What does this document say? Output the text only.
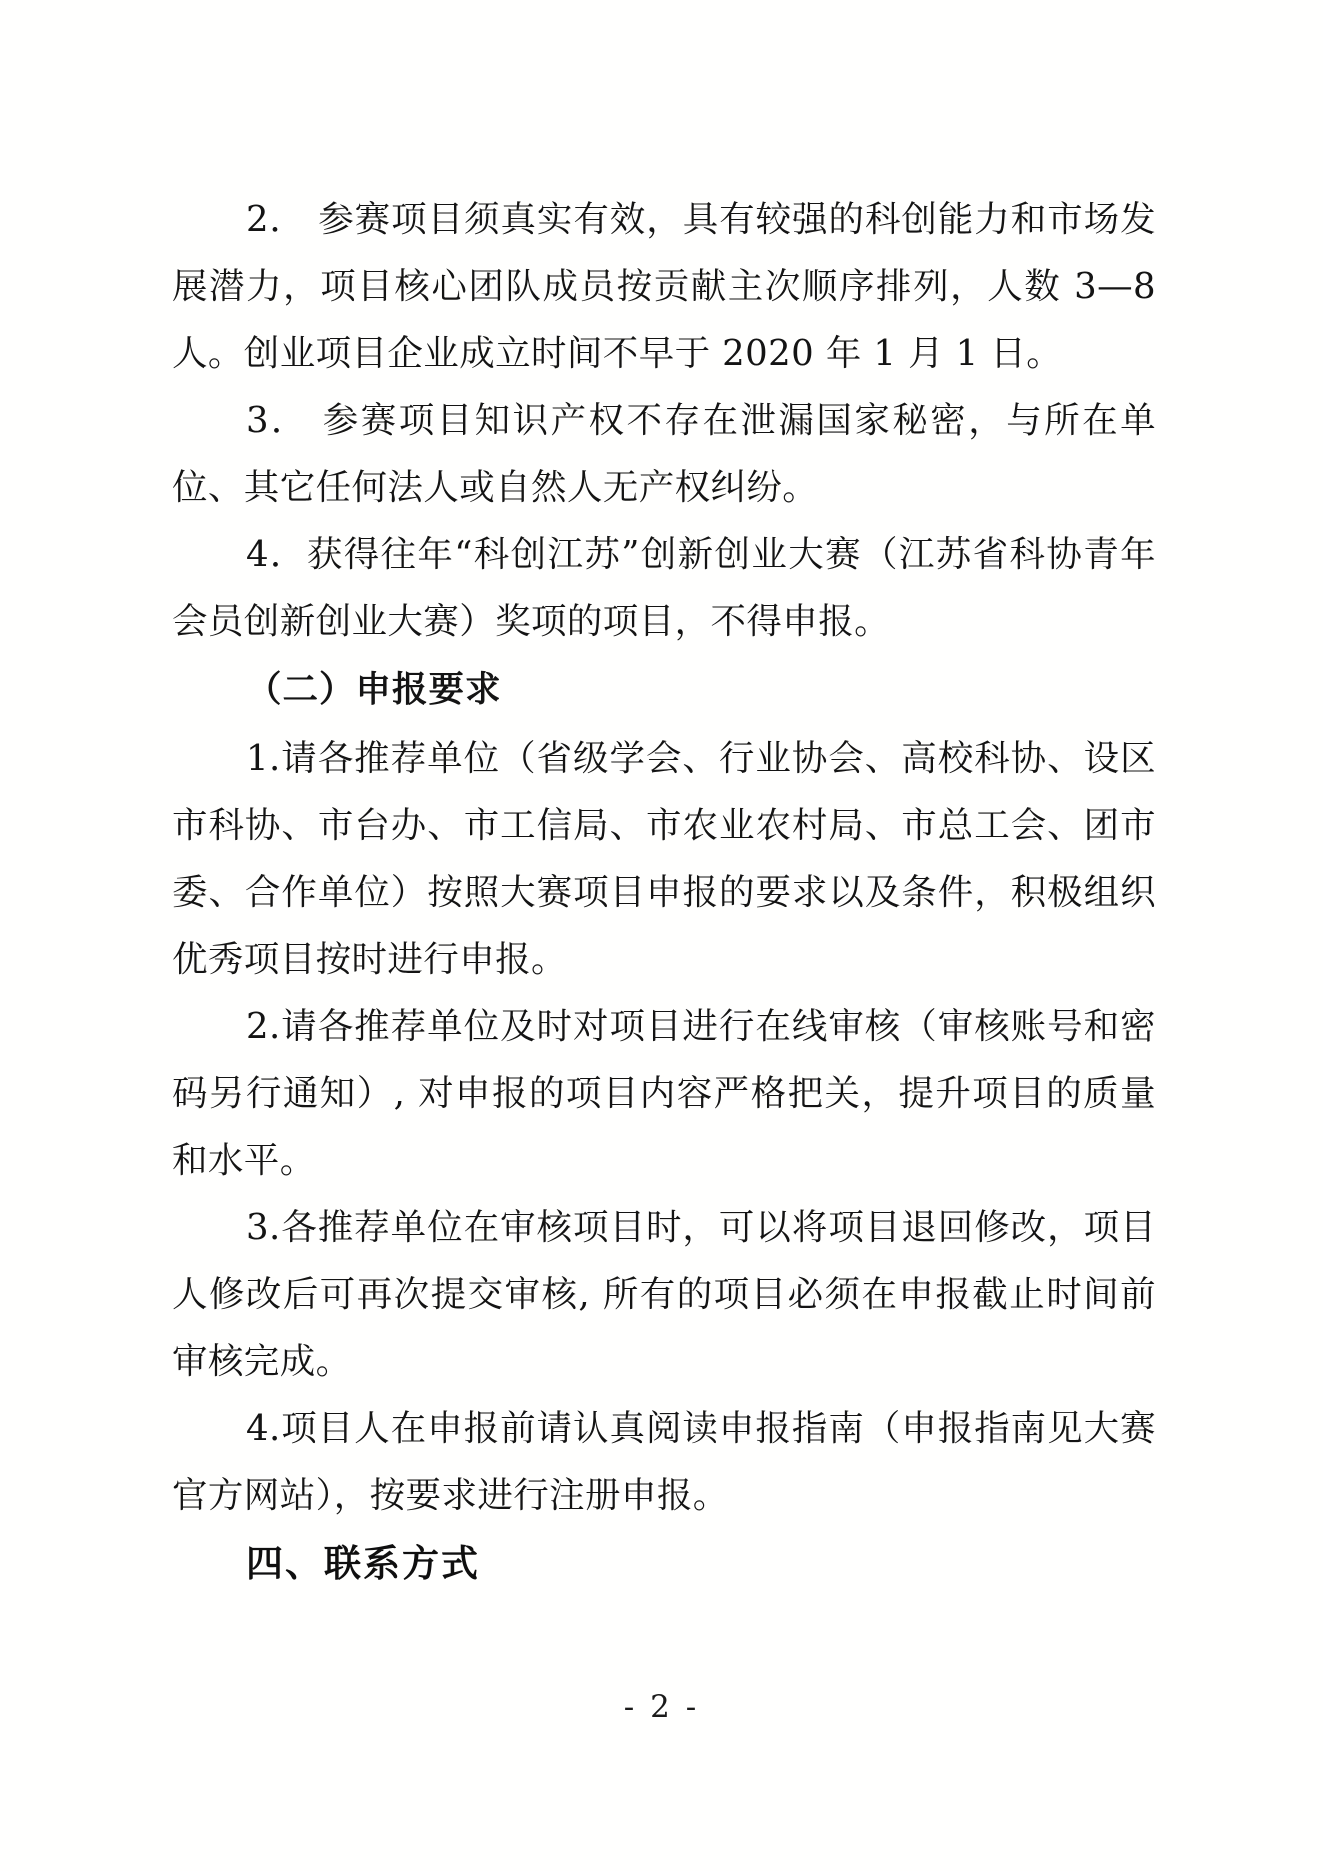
2． 参赛项目须真实有效，具有较强的科创能力和市场发展潜力，项目核心团队成员按贡献主次顺序排列，人数 3—8 人。创业项目企业成立时间不早于 2020 年 1 月 1 日。

3． 参赛项目知识产权不存在泄漏国家秘密，与所在单位、其它任何法人或自然人无产权纠纷。

4．获得往年“科创江苏”创新创业大赛（江苏省科协青年会员创新创业大赛）奖项的项目，不得申报。

（二）申报要求

1.请各推荐单位（省级学会、行业协会、高校科协、设区市科协、市台办、市工信局、市农业农村局、市总工会、团市委、合作单位）按照大赛项目申报的要求以及条件，积极组织优秀项目按时进行申报。

2.请各推荐单位及时对项目进行在线审核（审核账号和密码另行通知）, 对申报的项目内容严格把关，提升项目的质量和水平。

3.各推荐单位在审核项目时，可以将项目退回修改，项目人修改后可再次提交审核, 所有的项目必须在申报截止时间前审核完成。

4.项目人在申报前请认真阅读申报指南（申报指南见大赛官方网站），按要求进行注册申报。

四、联系方式

- 2 -
